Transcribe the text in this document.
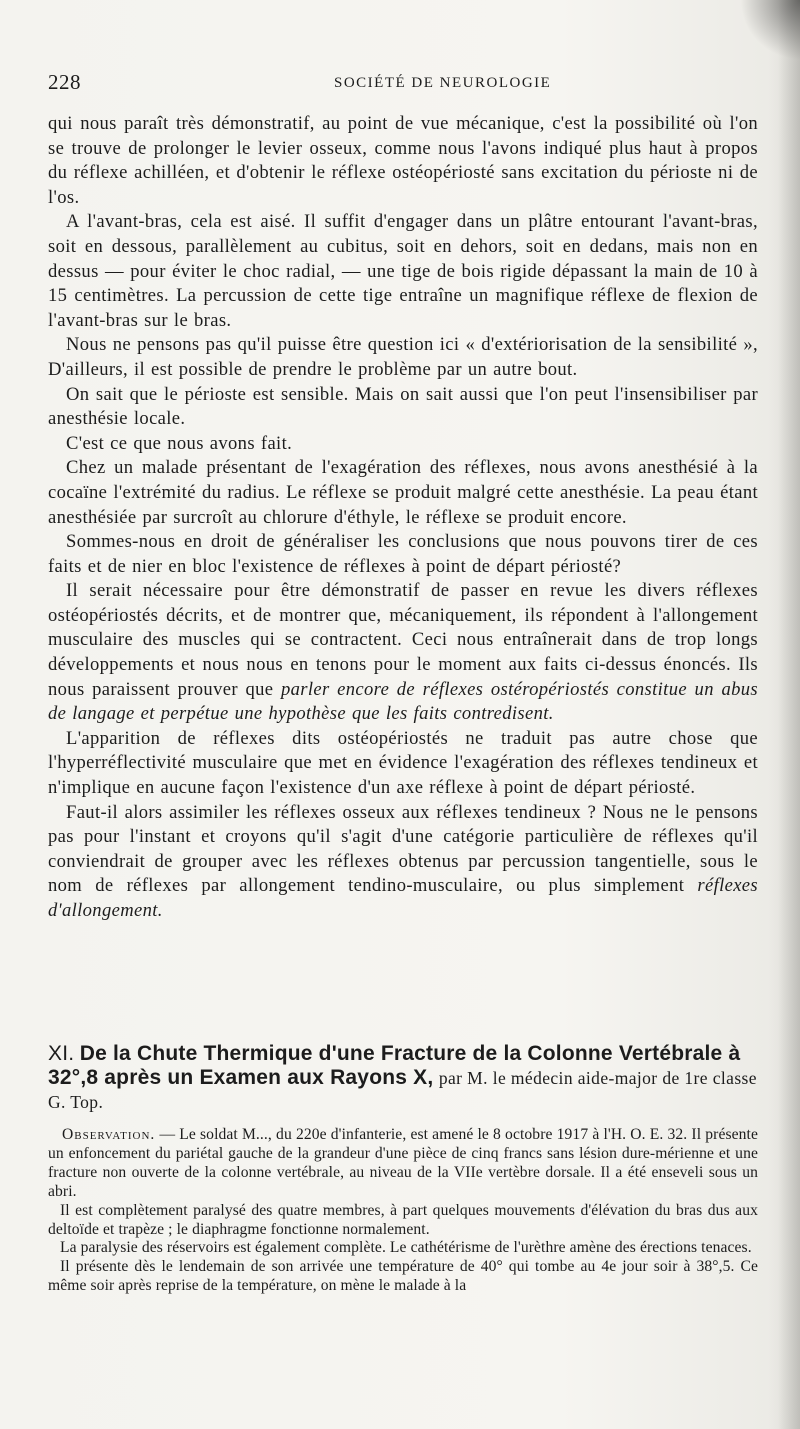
228	SOCIÉTÉ DE NEUROLOGIE

qui nous paraît très démonstratif, au point de vue mécanique, c'est la possibilité où l'on se trouve de prolonger le levier osseux, comme nous l'avons indiqué plus haut à propos du réflexe achilléen, et d'obtenir le réflexe ostéopériosté sans excitation du périoste ni de l'os.

A l'avant-bras, cela est aisé. Il suffit d'engager dans un plâtre entourant l'avant-bras, soit en dessous, parallèlement au cubitus, soit en dehors, soit en dedans, mais non en dessus — pour éviter le choc radial, — une tige de bois rigide dépassant la main de 10 à 15 centimètres. La percussion de cette tige entraîne un magnifique réflexe de flexion de l'avant-bras sur le bras.

Nous ne pensons pas qu'il puisse être question ici « d'extériorisation de la sensibilité », D'ailleurs, il est possible de prendre le problème par un autre bout.

On sait que le périoste est sensible. Mais on sait aussi que l'on peut l'insensibiliser par anesthésie locale.

C'est ce que nous avons fait.

Chez un malade présentant de l'exagération des réflexes, nous avons anesthésié à la cocaïne l'extrémité du radius. Le réflexe se produit malgré cette anesthésie. La peau étant anesthésiée par surcroît au chlorure d'éthyle, le réflexe se produit encore.

Sommes-nous en droit de généraliser les conclusions que nous pouvons tirer de ces faits et de nier en bloc l'existence de réflexes à point de départ périosté?

Il serait nécessaire pour être démonstratif de passer en revue les divers réflexes ostéopériostés décrits, et de montrer que, mécaniquement, ils répondent à l'allongement musculaire des muscles qui se contractent. Ceci nous entraînerait dans de trop longs développements et nous nous en tenons pour le moment aux faits ci-dessus énoncés. Ils nous paraissent prouver que parler encore de réflexes ostéropériostés constitue un abus de langage et perpétue une hypothèse que les faits contredisent.

L'apparition de réflexes dits ostéopériostés ne traduit pas autre chose que l'hyperréflectivité musculaire que met en évidence l'exagération des réflexes tendineux et n'implique en aucune façon l'existence d'un axe réflexe à point de départ périosté.

Faut-il alors assimiler les réflexes osseux aux réflexes tendineux ? Nous ne le pensons pas pour l'instant et croyons qu'il s'agit d'une catégorie particulière de réflexes qu'il conviendrait de grouper avec les réflexes obtenus par percussion tangentielle, sous le nom de réflexes par allongement tendino-musculaire, ou plus simplement réflexes d'allongement.

XI. De la Chute Thermique d'une Fracture de la Colonne Vertébrale à 32°,8 après un Examen aux Rayons X, par M. le médecin aide-major de 1re classe G. Top.

Observation. — Le soldat M..., du 220e d'infanterie, est amené le 8 octobre 1917 à l'H. O. E. 32. Il présente un enfoncement du pariétal gauche de la grandeur d'une pièce de cinq francs sans lésion dure-mérienne et une fracture non ouverte de la colonne vertébrale, au niveau de la VIIe vertèbre dorsale. Il a été enseveli sous un abri.

Il est complètement paralysé des quatre membres, à part quelques mouvements d'élévation du bras dus aux deltoïde et trapèze ; le diaphragme fonctionne normalement.

La paralysie des réservoirs est également complète. Le cathétérisme de l'urèthre amène des érections tenaces.

Il présente dès le lendemain de son arrivée une température de 40° qui tombe au 4e jour soir à 38°,5. Ce même soir après reprise de la température, on mène le malade à la
